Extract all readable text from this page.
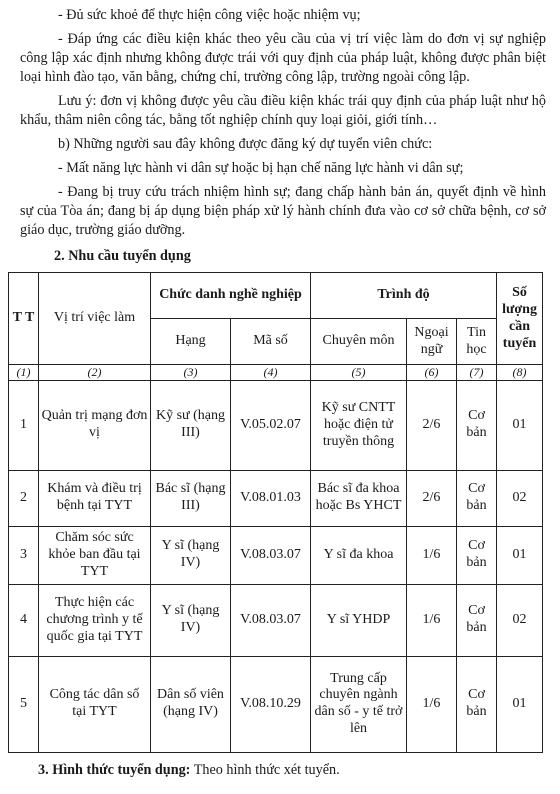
- Đủ sức khoẻ để thực hiện công việc hoặc nhiệm vụ;

- Đáp ứng các điều kiện khác theo yêu cầu của vị trí việc làm do đơn vị sự nghiệp công lập xác định nhưng không được trái với quy định của pháp luật, không được phân biệt loại hình đào tạo, văn bằng, chứng chỉ, trường công lập, trường ngoài công lập.

Lưu ý: đơn vị không được yêu cầu điều kiện khác trái quy định của pháp luật như hộ khẩu, thâm niên công tác, bằng tốt nghiệp chính quy loại giỏi, giới tính…

b) Những người sau đây không được đăng ký dự tuyển viên chức:

- Mất năng lực hành vi dân sự hoặc bị hạn chế năng lực hành vi dân sự;

- Đang bị truy cứu trách nhiệm hình sự; đang chấp hành bản án, quyết định về hình sự của Tòa án; đang bị áp dụng biện pháp xử lý hành chính đưa vào cơ sở chữa bệnh, cơ sở giáo dục, trường giáo dưỡng.

2. Nhu cầu tuyển dụng
T T	Vị trí việc làm	Chức danh nghề nghiệp		Trình độ			Số lượng cần tuyển
		Hạng	Mã số	Chuyên môn	Ngoại ngữ	Tin học	
(1)	(2)	(3)	(4)	(5)	(6)	(7)	(8)
1	Quản trị mạng đơn vị	Kỹ sư (hạng III)	V.05.02.07	Kỹ sư CNTT hoặc điện tử truyền thông	2/6	Cơ bản	01
2	Khám và điều trị bệnh tại TYT	Bác sĩ (hạng III)	V.08.01.03	Bác sĩ đa khoa hoặc Bs YHCT	2/6	Cơ bản	02
3	Chăm sóc sức khỏe ban đầu tại TYT	Y sĩ (hạng IV)	V.08.03.07	Y sĩ đa khoa	1/6	Cơ bản	01
4	Thực hiện các chương trình y tế quốc gia tại TYT	Y sĩ (hạng IV)	V.08.03.07	Y sĩ YHDP	1/6	Cơ bản	02
5	Công tác dân số tại TYT	Dân số viên (hạng IV)	V.08.10.29	Trung cấp chuyên ngành dân số - y tế trở lên	1/6	Cơ bản	01
3. Hình thức tuyển dụng: Theo hình thức xét tuyển.
